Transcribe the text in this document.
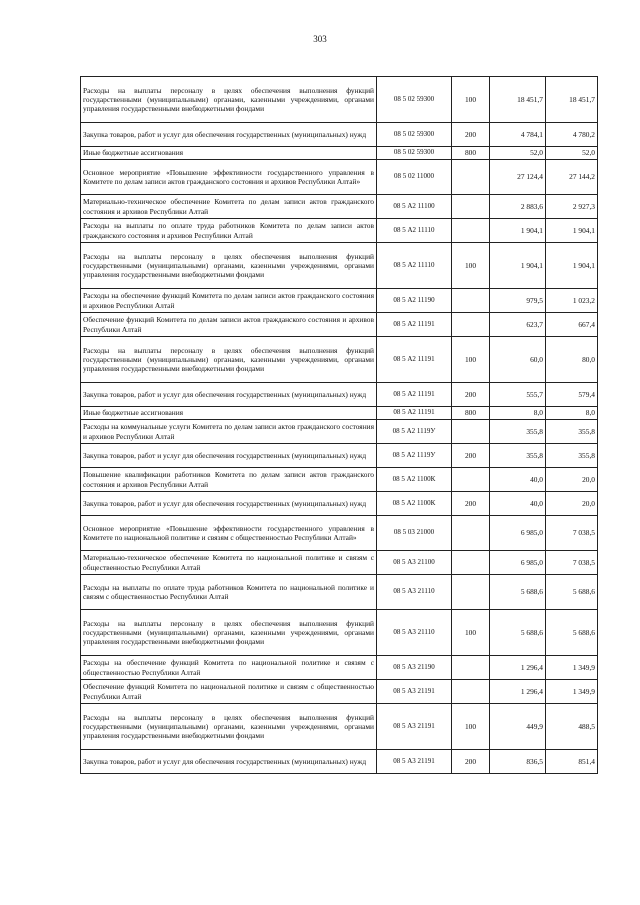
303
Расходы на выплаты персоналу в целях обеспечения выполнения функций государственными (муниципальными) органами, казенными учреждениями, органами управления государственными внебюджетными фондами	08 5 02 59300	100	18 451,7	18 451,7
Закупка товаров, работ и услуг для обеспечения государственных (муниципальных) нужд	08 5 02 59300	200	4 784,1	4 780,2
Иные бюджетные ассигнования	08 5 02 59300	800	52,0	52,0
Основное мероприятие «Повышение эффективности государственного управления в Комитете по делам записи актов гражданского состояния и архивов Республики Алтай»	08 5 02 11000		27 124,4	27 144,2
Материально-техническое обеспечение Комитета по делам записи актов гражданского состояния и архивов Республики Алтай	08 5 А2 11100		2 883,6	2 927,3
Расходы на выплаты по оплате труда работников Комитета по делам записи актов гражданского состояния и архивов Республики Алтай	08 5 А2 11110		1 904,1	1 904,1
Расходы на выплаты персоналу в целях обеспечения выполнения функций государственными (муниципальными) органами, казенными учреждениями, органами управления государственными внебюджетными фондами	08 5 А2 11110	100	1 904,1	1 904,1
Расходы на обеспечение функций Комитета по делам записи актов гражданского состояния и архивов Республики Алтай	08 5 А2 11190		979,5	1 023,2
Обеспечение функций Комитета по делам записи актов гражданского состояния и архивов Республики Алтай	08 5 А2 11191		623,7	667,4
Расходы на выплаты персоналу в целях обеспечения выполнения функций государственными (муниципальными) органами, казенными учреждениями, органами управления государственными внебюджетными фондами	08 5 А2 11191	100	60,0	80,0
Закупка товаров, работ и услуг для обеспечения государственных (муниципальных) нужд	08 5 А2 11191	200	555,7	579,4
Иные бюджетные ассигнования	08 5 А2 11191	800	8,0	8,0
Расходы на коммунальные услуги Комитета по делам записи актов гражданского состояния и архивов Республики Алтай	08 5 А2 1119У		355,8	355,8
Закупка товаров, работ и услуг для обеспечения государственных (муниципальных) нужд	08 5 А2 1119У	200	355,8	355,8
Повышение квалификации работников Комитета по делам записи актов гражданского состояния и архивов Республики Алтай	08 5 А2 1100К		40,0	20,0
Закупка товаров, работ и услуг для обеспечения государственных (муниципальных) нужд	08 5 А2 1100К	200	40,0	20,0
Основное мероприятие «Повышение эффективности государственного управления в Комитете по национальной политике и связям с общественностью Республики Алтай»	08 5 03 21000		6 985,0	7 038,5
Материально-техническое обеспечение Комитета по национальной политике и связям с общественностью Республики Алтай	08 5 А3 21100		6 985,0	7 038,5
Расходы на выплаты по оплате труда работников Комитета по национальной политике и связям с общественностью Республики Алтай	08 5 А3 21110		5 688,6	5 688,6
Расходы на выплаты персоналу в целях обеспечения выполнения функций государственными (муниципальными) органами, казенными учреждениями, органами управления государственными внебюджетными фондами	08 5 А3 21110	100	5 688,6	5 688,6
Расходы на обеспечение функций Комитета по национальной политике и связям с общественностью Республики Алтай	08 5 А3 21190		1 296,4	1 349,9
Обеспечение функций Комитета по национальной политике и связям с общественностью Республики Алтай	08 5 А3 21191		1 296,4	1 349,9
Расходы на выплаты персоналу в целях обеспечения выполнения функций государственными (муниципальными) органами, казенными учреждениями, органами управления государственными внебюджетными фондами	08 5 А3 21191	100	449,9	488,5
Закупка товаров, работ и услуг для обеспечения государственных (муниципальных) нужд	08 5 А3 21191	200	836,5	851,4
